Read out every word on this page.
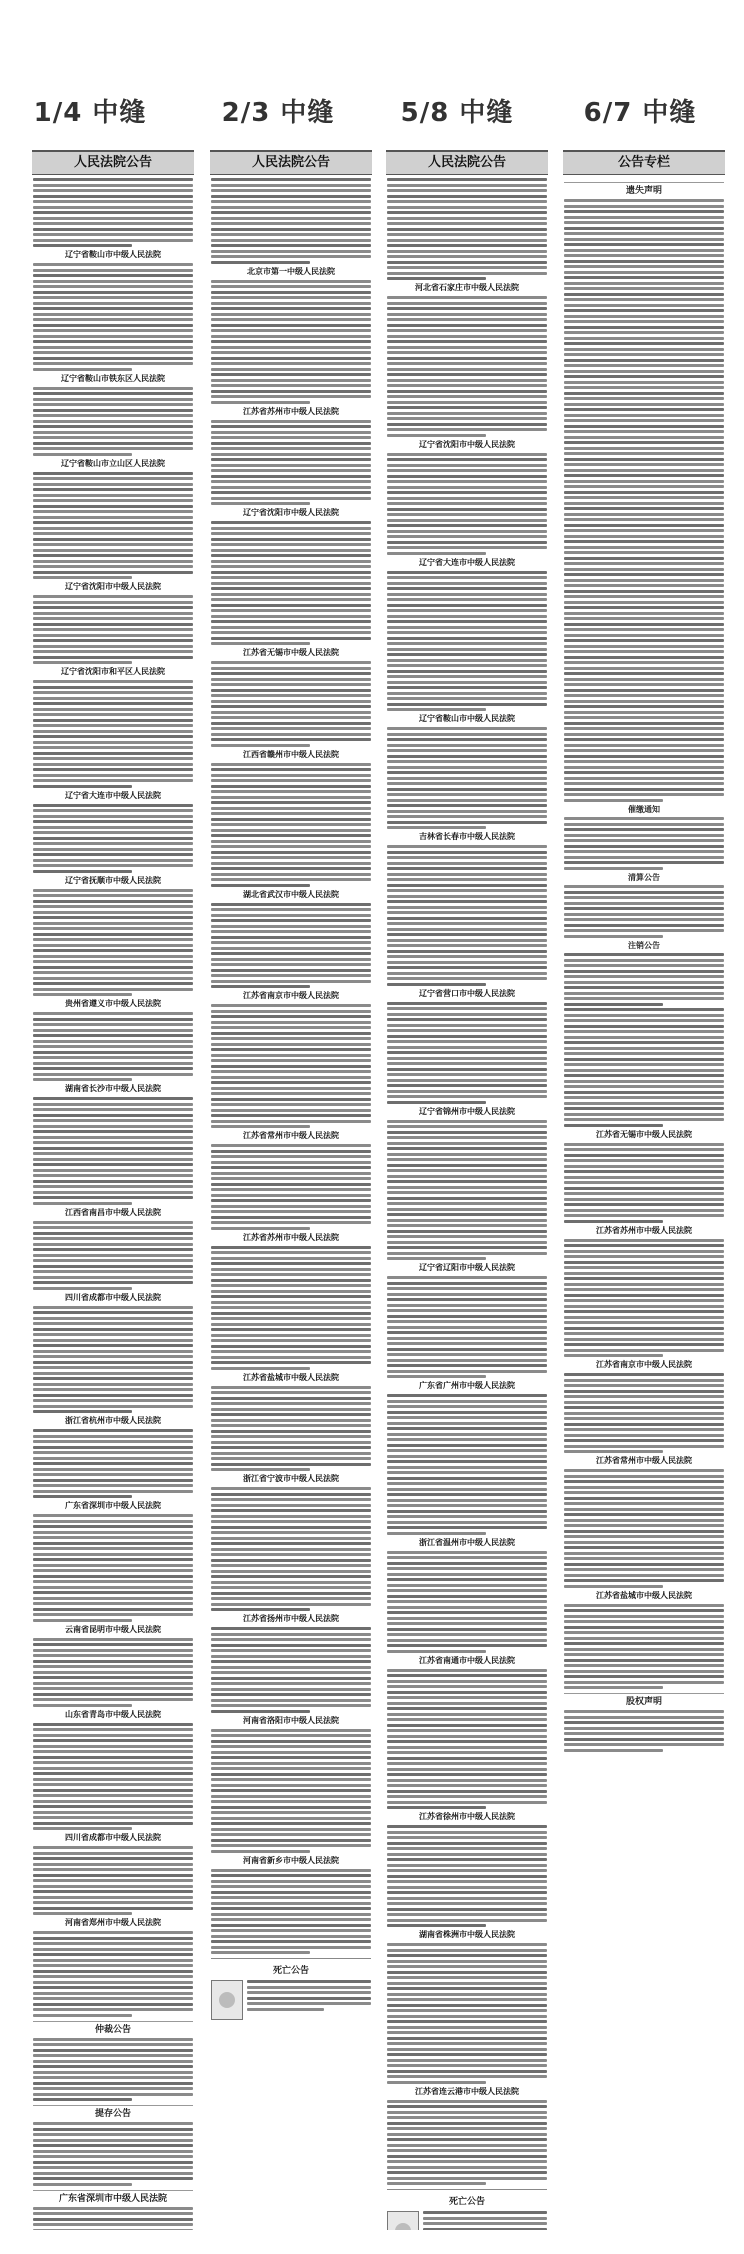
1/4 中缝	2/3 中缝	5/8 中缝	6/7 中缝
人民法院公告
辽宁省鞍山市中级人民法院
辽宁省鞍山市铁东区人民法院
辽宁省鞍山市立山区人民法院
辽宁省沈阳市中级人民法院
辽宁省沈阳市和平区人民法院
辽宁省大连市中级人民法院
辽宁省抚顺市中级人民法院
贵州省遵义市中级人民法院
湖南省长沙市中级人民法院
江西省南昌市中级人民法院
四川省成都市中级人民法院
浙江省杭州市中级人民法院
广东省深圳市中级人民法院
云南省昆明市中级人民法院
山东省青岛市中级人民法院
四川省成都市中级人民法院
河南省郑州市中级人民法院
仲裁公告
提存公告
广东省深圳市中级人民法院
人民法院公告
北京市第一中级人民法院
江苏省苏州市中级人民法院
辽宁省沈阳市中级人民法院
江苏省无锡市中级人民法院
江西省赣州市中级人民法院
湖北省武汉市中级人民法院
江苏省南京市中级人民法院
江苏省常州市中级人民法院
江苏省苏州市中级人民法院
江苏省盐城市中级人民法院
浙江省宁波市中级人民法院
江苏省扬州市中级人民法院
河南省洛阳市中级人民法院
河南省新乡市中级人民法院
死亡公告
人民法院公告
河北省石家庄市中级人民法院
辽宁省沈阳市中级人民法院
辽宁省大连市中级人民法院
辽宁省鞍山市中级人民法院
吉林省长春市中级人民法院
辽宁省营口市中级人民法院
辽宁省锦州市中级人民法院
辽宁省辽阳市中级人民法院
广东省广州市中级人民法院
浙江省温州市中级人民法院
江苏省南通市中级人民法院
江苏省徐州市中级人民法院
湖南省株洲市中级人民法院
江苏省连云港市中级人民法院
死亡公告
公告专栏
遗失声明
催缴通知
清算公告
注销公告
江苏省无锡市中级人民法院
江苏省苏州市中级人民法院
江苏省南京市中级人民法院
江苏省常州市中级人民法院
江苏省盐城市中级人民法院
股权声明
